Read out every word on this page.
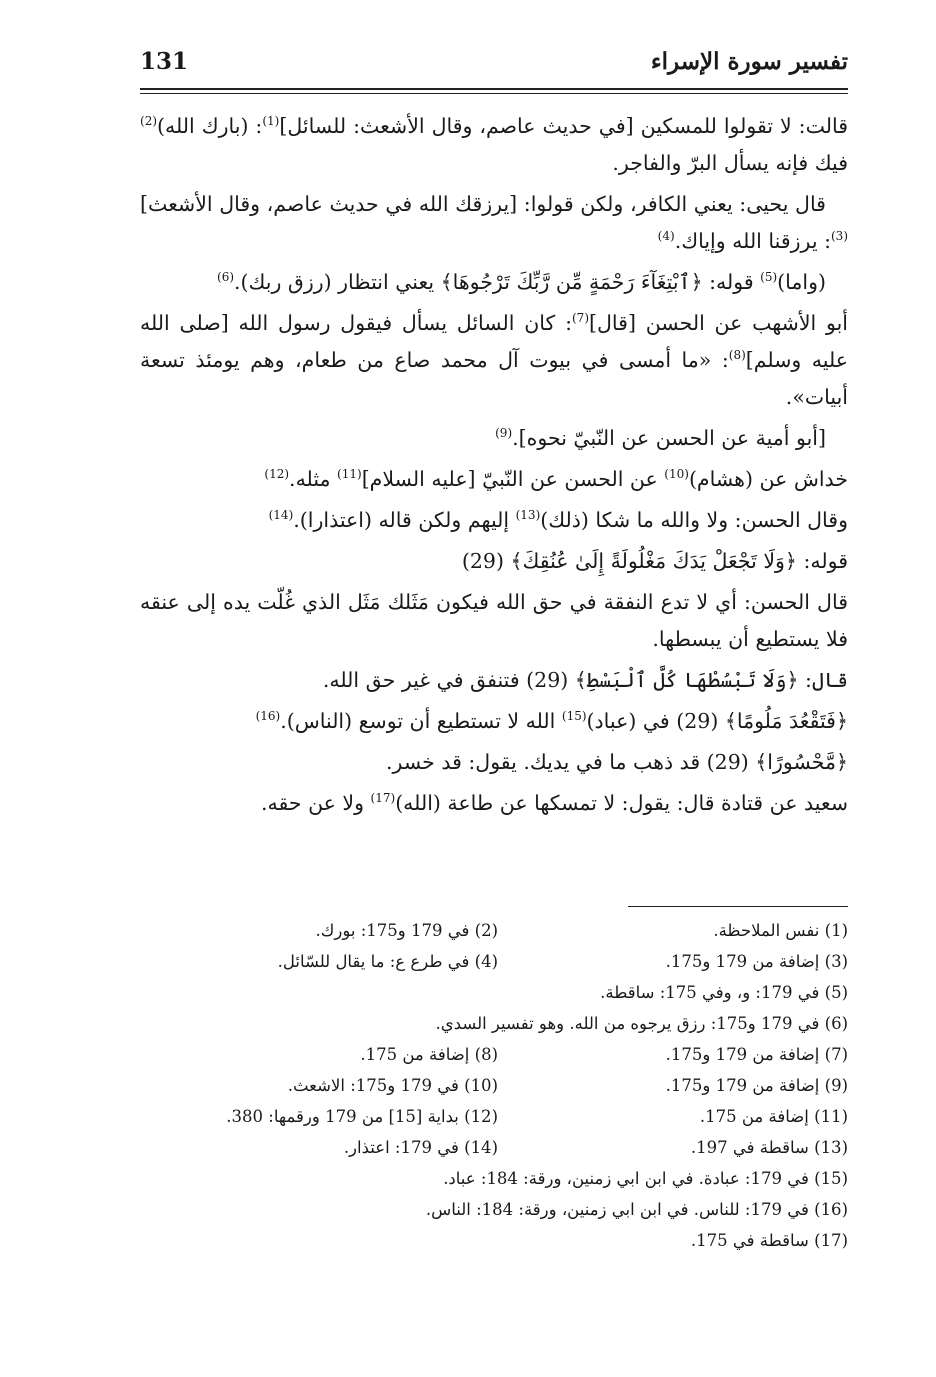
131	تفسير سورة الإسراء

قالت: لا تقولوا للمسكين [في حديث عاصم، وقال الأشعث: للسائل]$^{(1)}$: (بارك الله)$^{(2)}$ فيك فإنه يسأل البرّ والفاجر.

قال يحيى: يعني الكافر، ولكن قولوا: [يرزقك الله في حديث عاصم، وقال الأشعث]$^{(3)}$: يرزقنا الله وإياك.$^{(4)}$

(واما)$^{(5)}$ قوله: ﴿ٱبْتِغَآءَ رَحْمَةٍ مِّن رَّبِّكَ تَرْجُوهَا﴾ يعني انتظار (رزق ربك).$^{(6)}$

أبو الأشهب عن الحسن [قال]$^{(7)}$: كان السائل يسأل فيقول رسول الله [صلى الله عليه وسلم]$^{(8)}$: «ما أمسى في بيوت آل محمد صاع من طعام، وهم يومئذ تسعة أبيات».

[أبو أمية عن الحسن عن النّبيّ نحوه].$^{(9)}$

خداش عن (هشام)$^{(10)}$ عن الحسن عن النّبيّ [عليه السلام]$^{(11)}$ مثله.$^{(12)}$

وقال الحسن: ولا والله ما شكا (ذلك)$^{(13)}$ إليهم ولكن قاله (اعتذارا).$^{(14)}$

قوله: ﴿وَلَا تَجْعَلْ يَدَكَ مَغْلُولَةً إِلَىٰ عُنُقِكَ﴾ (29)

قال الحسن: أي لا تدع النفقة في حق الله فيكون مَثَلك مَثَل الذي غُلّت يده إلى عنقه فلا يستطيع أن يبسطها.

قال: ﴿وَلَا تَبْسُطْهَا كُلَّ ٱلْبَسْطِ﴾ (29) فتنفق في غير حق الله.

﴿فَتَقْعُدَ مَلُومًا﴾ (29) في (عباد)$^{(15)}$ الله لا تستطيع أن توسع (الناس).$^{(16)}$

﴿مَّحْسُورًا﴾ (29) قد ذهب ما في يديك. يقول: قد خسر.

سعيد عن قتادة قال: يقول: لا تمسكها عن طاعة (الله)$^{(17)}$ ولا عن حقه.

(1) نفس الملاحظة.
(2) في 179 و175: بورك.
(3) إضافة من 179 و175.
(4) في طرع ع: ما يقال للسّائل.
(5) في 179: و، وفي 175: ساقطة.
(6) في 179 و175: رزق يرجوه من الله. وهو تفسير السدي.
(7) إضافة من 179 و175.
(8) إضافة من 175.
(9) إضافة من 179 و175.
(10) في 179 و175: الاشعث.
(11) إضافة من 175.
(12) بداية [15] من 179 ورقمها: 380.
(13) ساقطة في 197.
(14) في 179: اعتذار.
(15) في 179: عبادة. في ابن ابي زمنين، ورقة: 184: عباد.
(16) في 179: للناس. في ابن ابي زمنين، ورقة: 184: الناس.
(17) ساقطة في 175.
